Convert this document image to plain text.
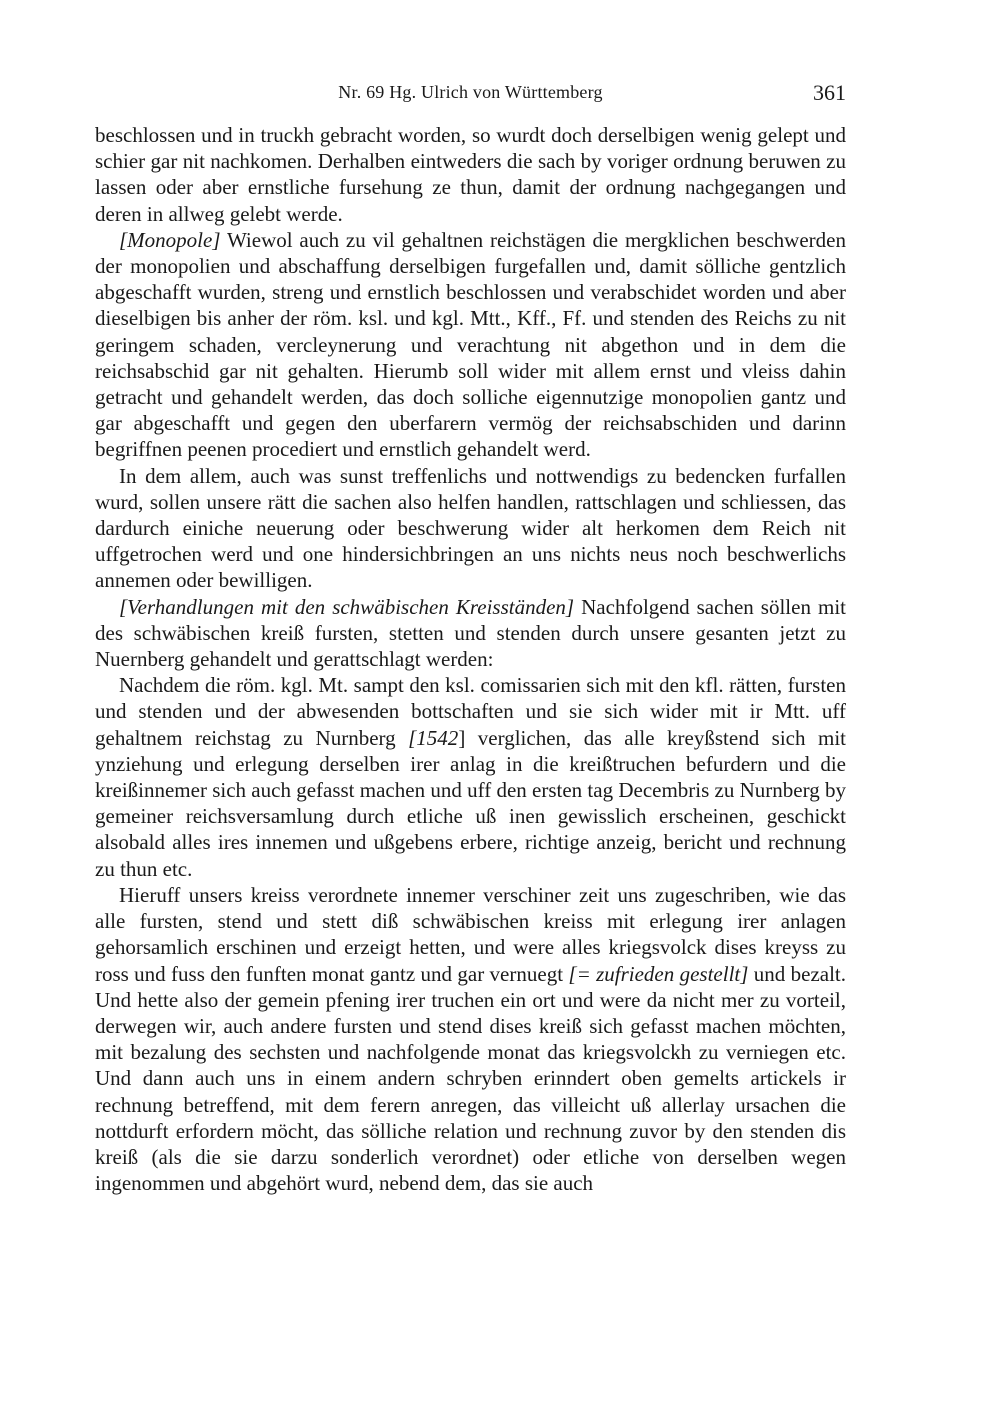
Nr. 69 Hg. Ulrich von Württemberg	361

beschlossen und in truckh gebracht worden, so wurdt doch derselbigen wenig gelept und schier gar nit nachkomen. Derhalben eintweders die sach by voriger ordnung beruwen zu lassen oder aber ernstliche fursehung ze thun, damit der ordnung nachgegangen und deren in allweg gelebt werde.

[Monopole] Wiewol auch zu vil gehaltnen reichstägen die mergklichen beschwerden der monopolien und abschaffung derselbigen furgefallen und, damit sölliche gentzlich abgeschafft wurden, streng und ernstlich beschlossen und verabschidet worden und aber dieselbigen bis anher der röm. ksl. und kgl. Mtt., Kff., Ff. und stenden des Reichs zu nit geringem schaden, vercleynerung und verachtung nit abgethon und in dem die reichsabschid gar nit gehalten. Hierumb soll wider mit allem ernst und vleiss dahin getracht und gehandelt werden, das doch solliche eigennutzige monopolien gantz und gar abgeschafft und gegen den uberfarern vermög der reichsabschiden und darinn begriffnen peenen procediert und ernstlich gehandelt werd.

In dem allem, auch was sunst treffenlichs und nottwendigs zu bedencken furfallen wurd, sollen unsere rätt die sachen also helfen handlen, rattschlagen und schliessen, das dardurch einiche neuerung oder beschwerung wider alt herkomen dem Reich nit uffgetrochen werd und one hindersichbringen an uns nichts neus noch beschwerlichs annemen oder bewilligen.

[Verhandlungen mit den schwäbischen Kreisständen] Nachfolgend sachen söllen mit des schwäbischen kreiß fursten, stetten und stenden durch unsere gesanten jetzt zu Nuernberg gehandelt und gerattschlagt werden:

Nachdem die röm. kgl. Mt. sampt den ksl. comissarien sich mit den kfl. rätten, fursten und stenden und der abwesenden bottschaften und sie sich wider mit ir Mtt. uff gehaltnem reichstag zu Nurnberg [1542] verglichen, das alle kreyßstend sich mit ynziehung und erlegung derselben irer anlag in die kreißtruchen befurdern und die kreißinnemer sich auch gefasst machen und uff den ersten tag Decembris zu Nurnberg by gemeiner reichsversamlung durch etliche uß inen gewisslich erscheinen, geschickt alsobald alles ires innemen und ußgebens erbere, richtige anzeig, bericht und rechnung zu thun etc.

Hieruff unsers kreiss verordnete innemer verschiner zeit uns zugeschriben, wie das alle fursten, stend und stett diß schwäbischen kreiss mit erlegung irer anlagen gehorsamlich erschinen und erzeigt hetten, und were alles kriegsvolck dises kreyss zu ross und fuss den funften monat gantz und gar vernuegt [= zufrieden gestellt] und bezalt. Und hette also der gemein pfening irer truchen ein ort und were da nicht mer zu vorteil, derwegen wir, auch andere fursten und stend dises kreiß sich gefasst machen möchten, mit bezalung des sechsten und nachfolgende monat das kriegsvolckh zu verniegen etc. Und dann auch uns in einem andern schryben erinndert oben gemelts artickels ir rechnung betreffend, mit dem ferern anregen, das villeicht uß allerlay ursachen die nottdurft erfordern möcht, das sölliche relation und rechnung zuvor by den stenden dis kreiß (als die sie darzu sonderlich verordnet) oder etliche von derselben wegen ingenommen und abgehört wurd, nebend dem, das sie auch
